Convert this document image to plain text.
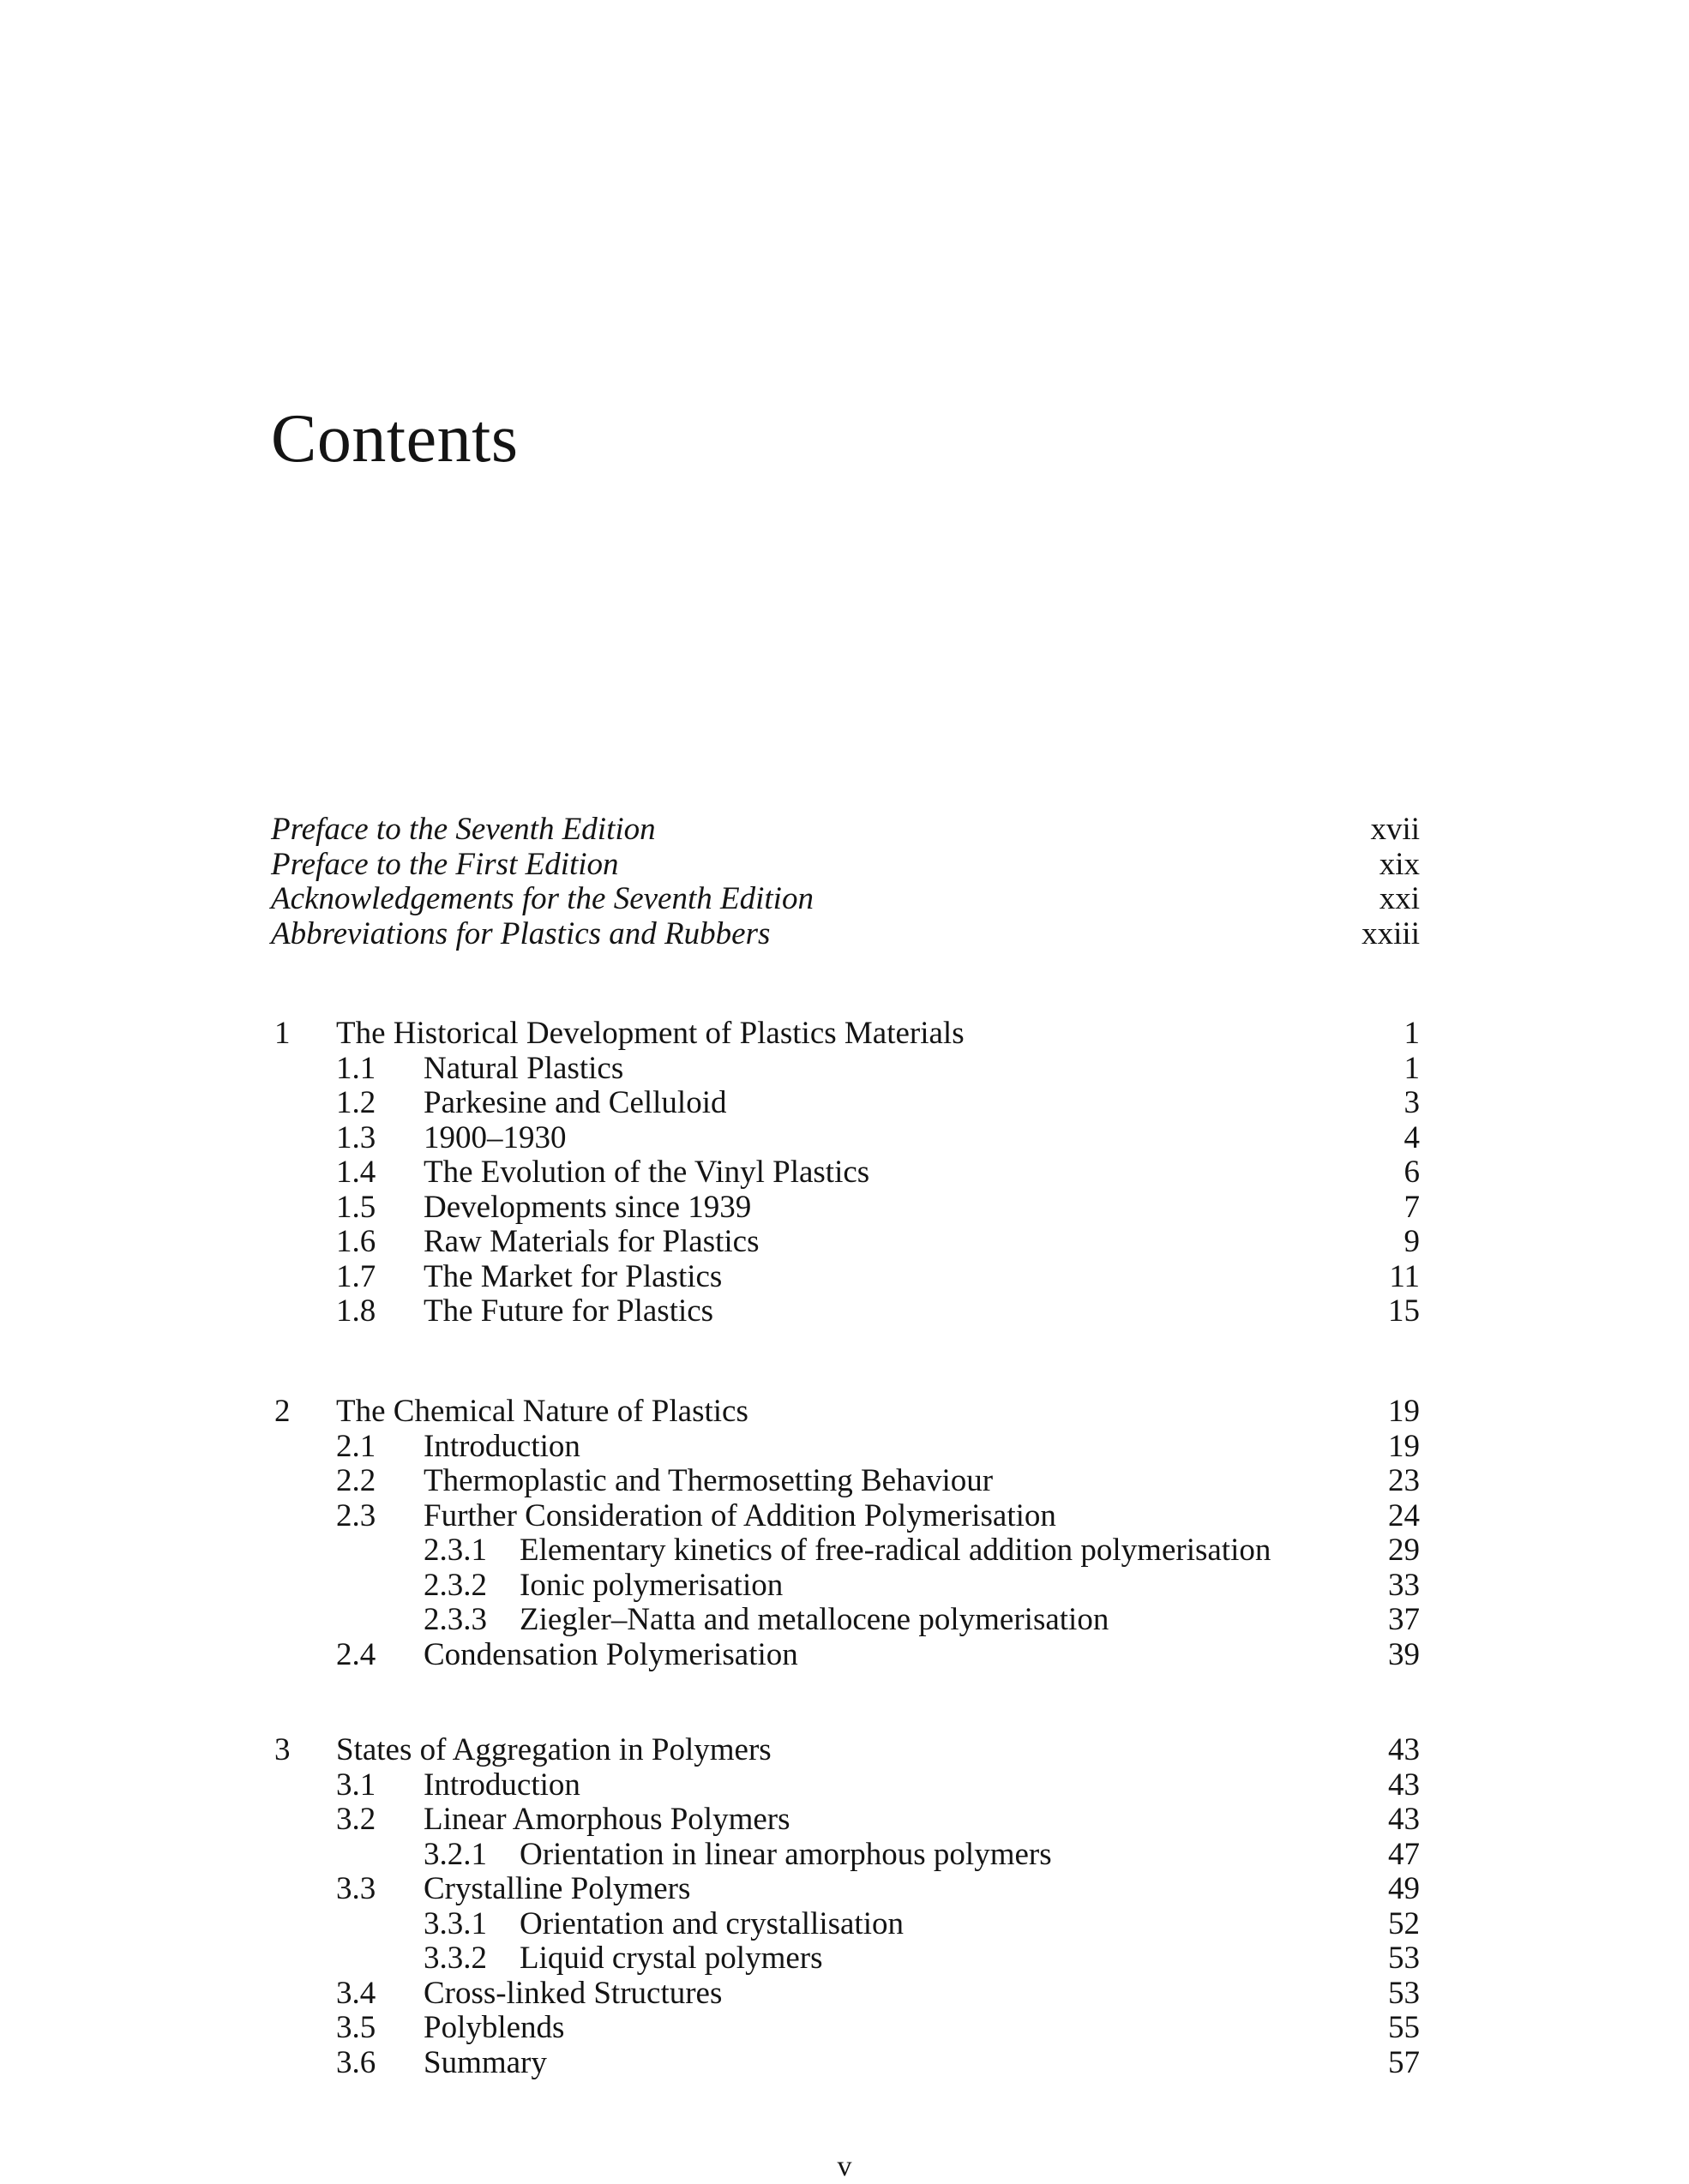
Contents
Preface to the Seventh Edition	xvii
Preface to the First Edition	xix
Acknowledgements for the Seventh Edition	xxi
Abbreviations for Plastics and Rubbers	xxiii
1 The Historical Development of Plastics Materials	1
1.1 Natural Plastics	1
1.2 Parkesine and Celluloid	3
1.3 1900–1930	4
1.4 The Evolution of the Vinyl Plastics	6
1.5 Developments since 1939	7
1.6 Raw Materials for Plastics	9
1.7 The Market for Plastics	11
1.8 The Future for Plastics	15
2 The Chemical Nature of Plastics	19
2.1 Introduction	19
2.2 Thermoplastic and Thermosetting Behaviour	23
2.3 Further Consideration of Addition Polymerisation	24
2.3.1 Elementary kinetics of free-radical addition polymerisation	29
2.3.2 Ionic polymerisation	33
2.3.3 Ziegler–Natta and metallocene polymerisation	37
2.4 Condensation Polymerisation	39
3 States of Aggregation in Polymers	43
3.1 Introduction	43
3.2 Linear Amorphous Polymers	43
3.2.1 Orientation in linear amorphous polymers	47
3.3 Crystalline Polymers	49
3.3.1 Orientation and crystallisation	52
3.3.2 Liquid crystal polymers	53
3.4 Cross-linked Structures	53
3.5 Polyblends	55
3.6 Summary	57
v
